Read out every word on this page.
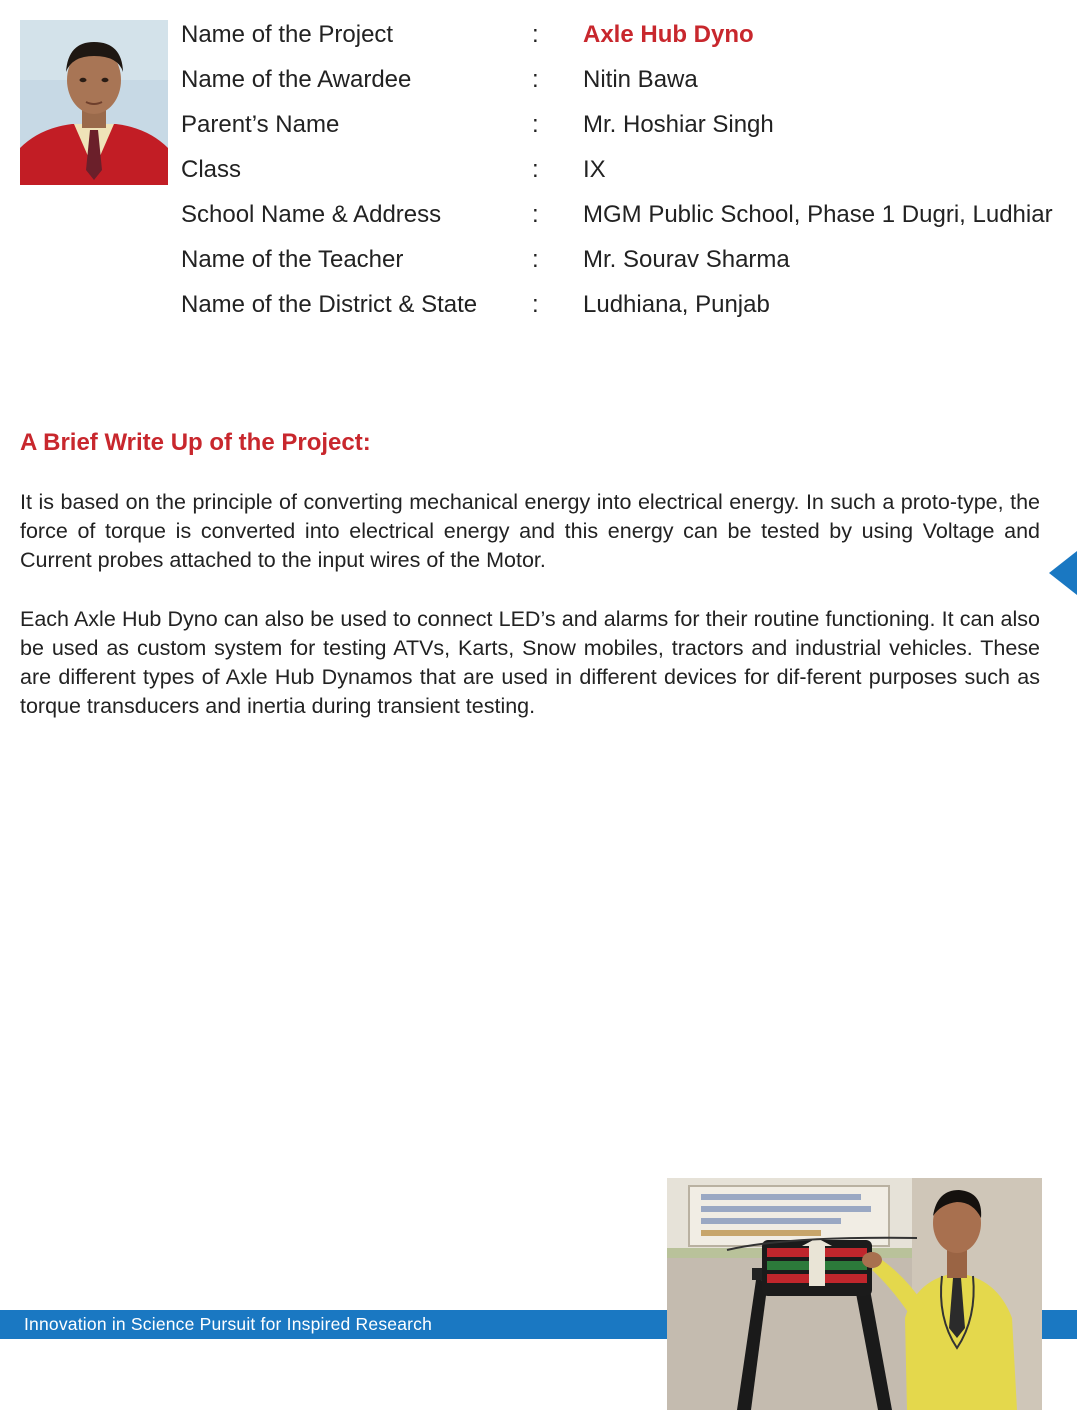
Name of the Project	: Axle Hub Dyno
Name of the Awardee	: Nitin Bawa
Parent’s Name	: Mr. Hoshiar Singh
Class	: IX
School Name & Address	: MGM Public School, Phase 1 Dugri, Ludhiar
Name of the Teacher	: Mr. Sourav Sharma
Name of the District & State : Ludhiana, Punjab
A Brief Write Up of the Project:

It is based on the principle of converting mechanical energy into electrical energy. In such a proto-type, the force of torque is converted into electrical energy and this energy can be tested by using Voltage and Current probes attached to the input wires of the Motor.

Each Axle Hub Dyno can also be used to connect LED’s and alarms for their routine functioning. It can also be used as custom system for testing ATVs, Karts, Snow mobiles, tractors and industrial vehicles. These are different types of Axle Hub Dynamos that are used in different devices for dif-ferent purposes such as torque transducers and inertia during transient testing.

Innovation in Science Pursuit for Inspired Research
